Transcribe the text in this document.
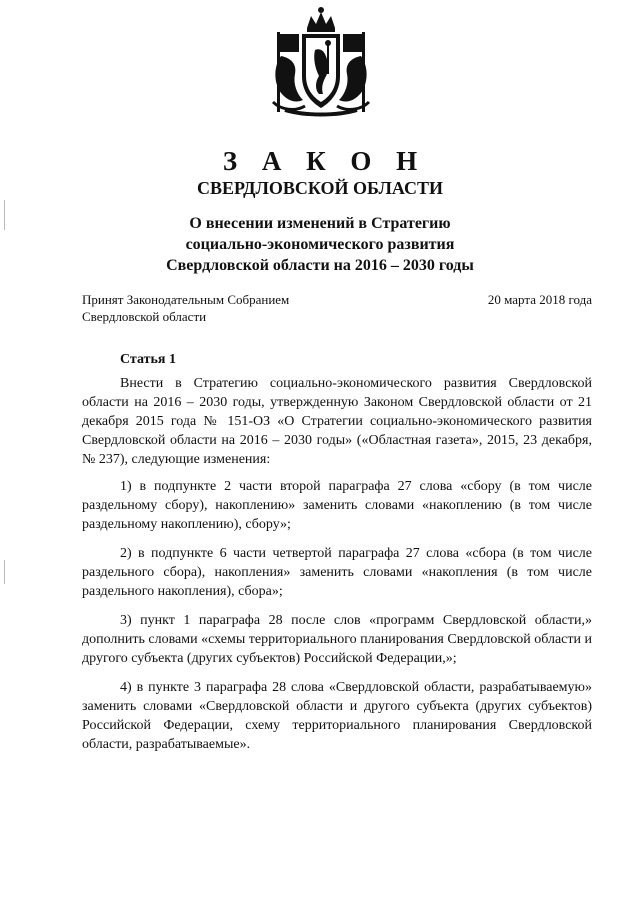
З А К О Н
СВЕРДЛОВСКОЙ ОБЛАСТИ
О внесении изменений в Стратегию
социально-экономического развития
Свердловской области на 2016 – 2030 годы
Принят Законодательным Собранием
Свердловской области
20 марта 2018 года
Статья 1

Внести в Стратегию социально-экономического развития Свердловской области на 2016 – 2030 годы, утвержденную Законом Свердловской области от 21 декабря 2015 года № 151-ОЗ «О Стратегии социально-экономического развития Свердловской области на 2016 – 2030 годы» («Областная газета», 2015, 23 декабря, № 237), следующие изменения:

1) в подпункте 2 части второй параграфа 27 слова «сбору (в том числе раздельному сбору), накоплению» заменить словами «накоплению (в том числе раздельному накоплению), сбору»;

2) в подпункте 6 части четвертой параграфа 27 слова «сбора (в том числе раздельного сбора), накопления» заменить словами «накопления (в том числе раздельного накопления), сбора»;

3) пункт 1 параграфа 28 после слов «программ Свердловской области,» дополнить словами «схемы территориального планирования Свердловской области и другого субъекта (других субъектов) Российской Федерации,»;

4) в пункте 3 параграфа 28 слова «Свердловской области, разрабатываемую» заменить словами «Свердловской области и другого субъекта (других субъектов) Российской Федерации, схему территориального планирования Свердловской области, разрабатываемые».
